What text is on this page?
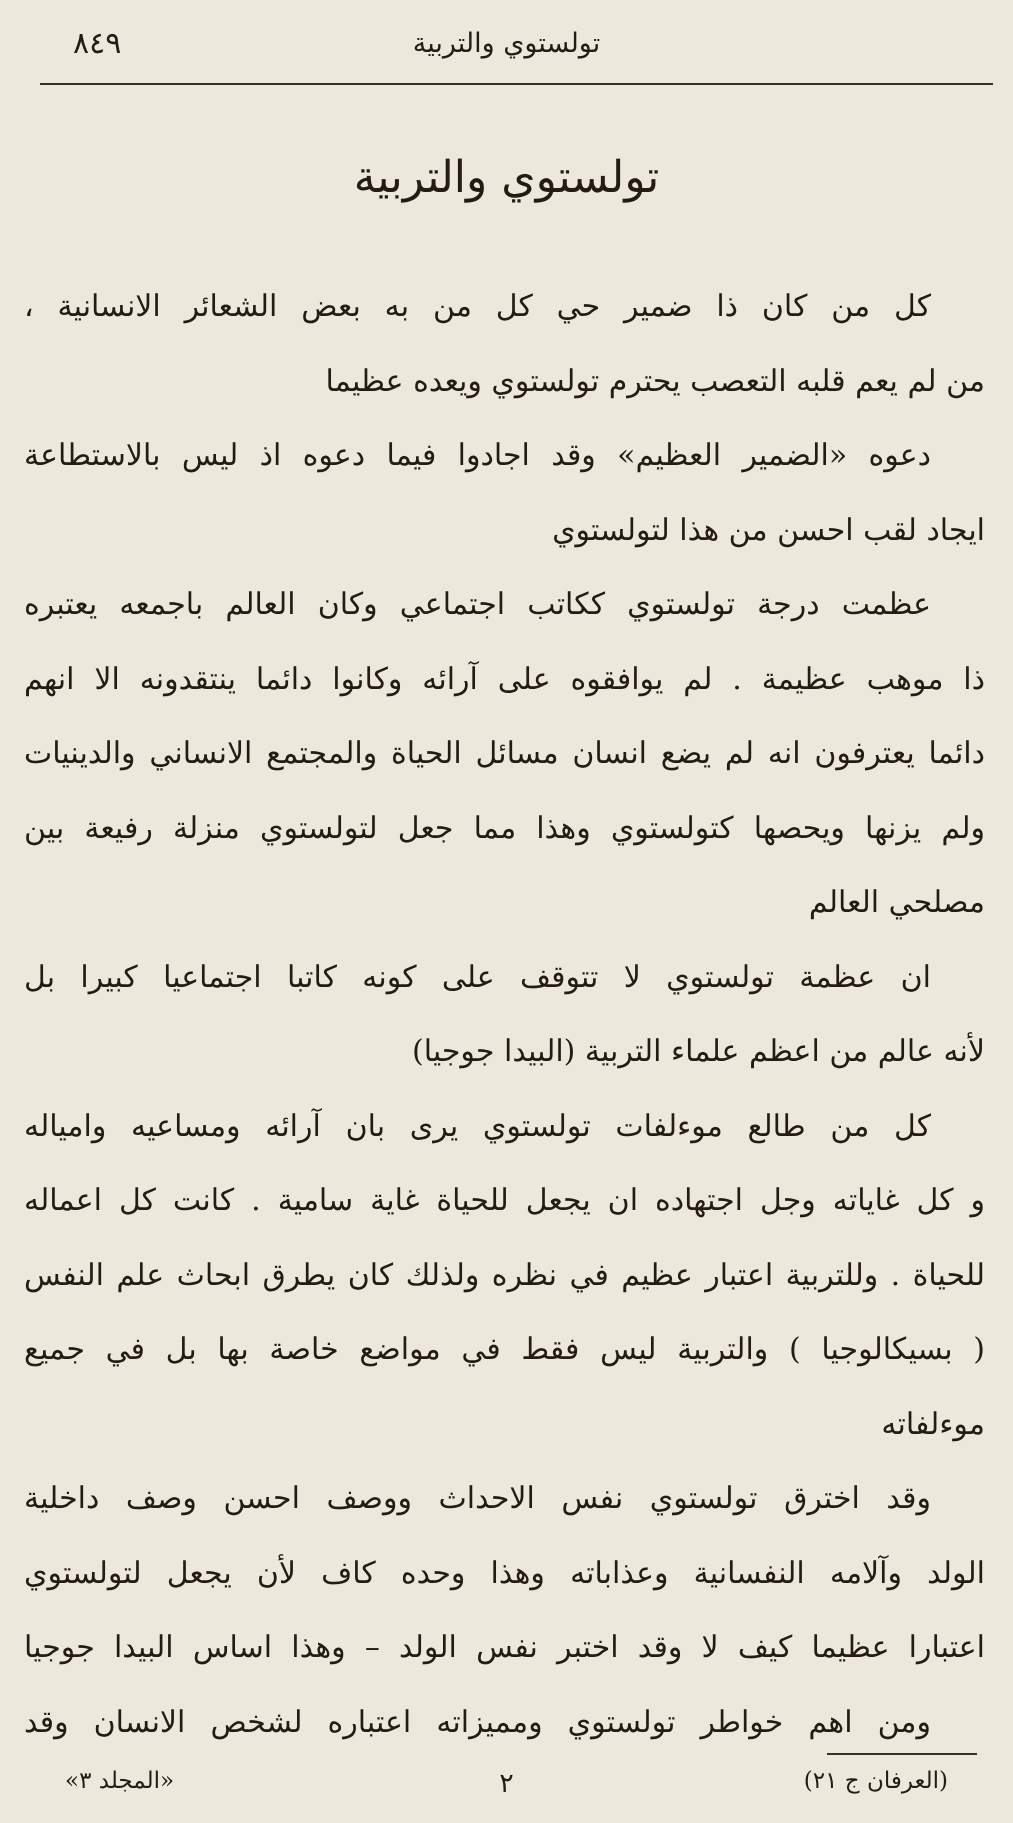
تولستوي والتربية
٨٤٩
تولستوي والتربية
كل من كان ذا ضمير حي كل من به بعض الشعائر الانسانية ،
من لم يعم قلبه التعصب يحترم تولستوي ويعده عظيما
دعوه «الضمير العظيم» وقد اجادوا فيما دعوه اذ ليس بالاستطاعة
ايجاد لقب احسن من هذا لتولستوي
عظمت درجة تولستوي ككاتب اجتماعي وكان العالم باجمعه يعتبره
ذا موهب عظيمة . لم يوافقوه على آرائه وكانوا دائما ينتقدونه الا انهم
دائما يعترفون انه لم يضع انسان مسائل الحياة والمجتمع الانساني والدينيات
ولم يزنها ويحصها كتولستوي وهذا مما جعل لتولستوي منزلة رفيعة بين
مصلحي العالم
ان عظمة تولستوي لا تتوقف على كونه كاتبا اجتماعيا كبيرا بل
لأنه عالم من اعظم علماء التربية (البيدا جوجيا)
كل من طالع موءلفات تولستوي يرى بان آرائه ومساعيه وامياله
و كل غاياته وجل اجتهاده ان يجعل للحياة غاية سامية . كانت كل اعماله
للحياة . وللتربية اعتبار عظيم في نظره ولذلك كان يطرق ابحاث علم النفس
( بسيكالوجيا ) والتربية ليس فقط في مواضع خاصة بها بل في جميع
موءلفاته
وقد اخترق تولستوي نفس الاحداث ووصف احسن وصف داخلية
الولد وآلامه النفسانية وعذاباته وهذا وحده كاف لأن يجعل لتولستوي
اعتبارا عظيما كيف لا وقد اختبر نفس الولد – وهذا اساس البيدا جوجيا
ومن اهم خواطر تولستوي ومميزاته اعتباره لشخص الانسان وقد
(العرفان ج ٢١)
٢
«المجلد ٣»
